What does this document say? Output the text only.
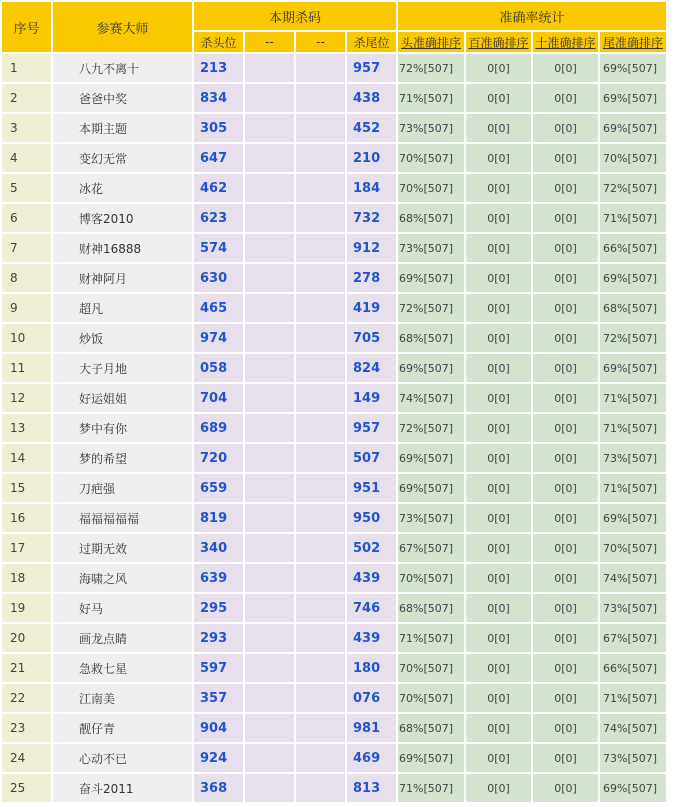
序号	参赛大师	本期杀码				准确率统计			
		杀头位	--	--	杀尾位	头准确排序	百准确排序	十准确排序	尾准确排序
1	八九不离十	213			957	72%[507]	0[0]	0[0]	69%[507]
2	爸爸中奖	834			438	71%[507]	0[0]	0[0]	69%[507]
3	本期主题	305			452	73%[507]	0[0]	0[0]	69%[507]
4	变幻无常	647			210	70%[507]	0[0]	0[0]	70%[507]
5	冰花	462			184	70%[507]	0[0]	0[0]	72%[507]
6	博客2010	623			732	68%[507]	0[0]	0[0]	71%[507]
7	财神16888	574			912	73%[507]	0[0]	0[0]	66%[507]
8	财神阿月	630			278	69%[507]	0[0]	0[0]	69%[507]
9	超凡	465			419	72%[507]	0[0]	0[0]	68%[507]
10	炒饭	974			705	68%[507]	0[0]	0[0]	72%[507]
11	大子月地	058			824	69%[507]	0[0]	0[0]	69%[507]
12	好运姐姐	704			149	74%[507]	0[0]	0[0]	71%[507]
13	梦中有你	689			957	72%[507]	0[0]	0[0]	71%[507]
14	梦的希望	720			507	69%[507]	0[0]	0[0]	73%[507]
15	刀疤强	659			951	69%[507]	0[0]	0[0]	71%[507]
16	福福福福福	819			950	73%[507]	0[0]	0[0]	69%[507]
17	过期无效	340			502	67%[507]	0[0]	0[0]	70%[507]
18	海啸之风	639			439	70%[507]	0[0]	0[0]	74%[507]
19	好马	295			746	68%[507]	0[0]	0[0]	73%[507]
20	画龙点睛	293			439	71%[507]	0[0]	0[0]	67%[507]
21	急救七星	597			180	70%[507]	0[0]	0[0]	66%[507]
22	江南美	357			076	70%[507]	0[0]	0[0]	71%[507]
23	靓仔青	904			981	68%[507]	0[0]	0[0]	74%[507]
24	心动不已	924			469	69%[507]	0[0]	0[0]	73%[507]
25	奋斗2011	368			813	71%[507]	0[0]	0[0]	69%[507]
